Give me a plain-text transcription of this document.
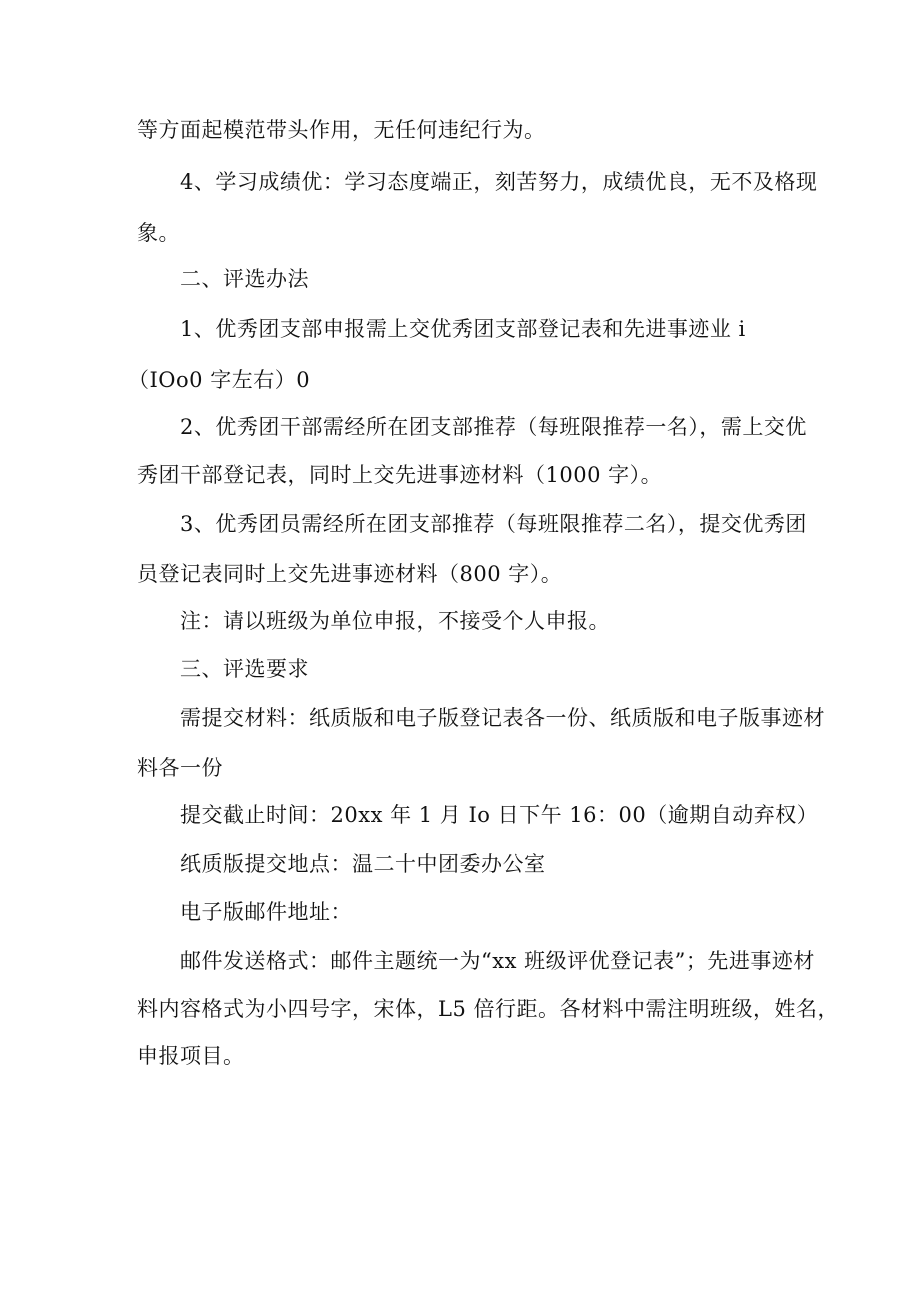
等方面起模范带头作用，无任何违纪行为。

4、学习成绩优：学习态度端正，刻苦努力，成绩优良，无不及格现

象。

二、评选办法

1、优秀团支部申报需上交优秀团支部登记表和先进事迹业 i

（IOo0 字左右）0

2、优秀团干部需经所在团支部推荐（每班限推荐一名），需上交优

秀团干部登记表，同时上交先进事迹材料（1000 字）。

3、优秀团员需经所在团支部推荐（每班限推荐二名），提交优秀团

员登记表同时上交先进事迹材料（800 字）。

注：请以班级为单位申报，不接受个人申报。

三、评选要求

需提交材料：纸质版和电子版登记表各一份、纸质版和电子版事迹材

料各一份

提交截止时间：20xx 年 1 月 Io 日下午 16：00（逾期自动弃权）

纸质版提交地点：温二十中团委办公室

电子版邮件地址：

邮件发送格式：邮件主题统一为“xx 班级评优登记表”；先进事迹材

料内容格式为小四号字，宋体，L5 倍行距。各材料中需注明班级，姓名，

申报项目。
